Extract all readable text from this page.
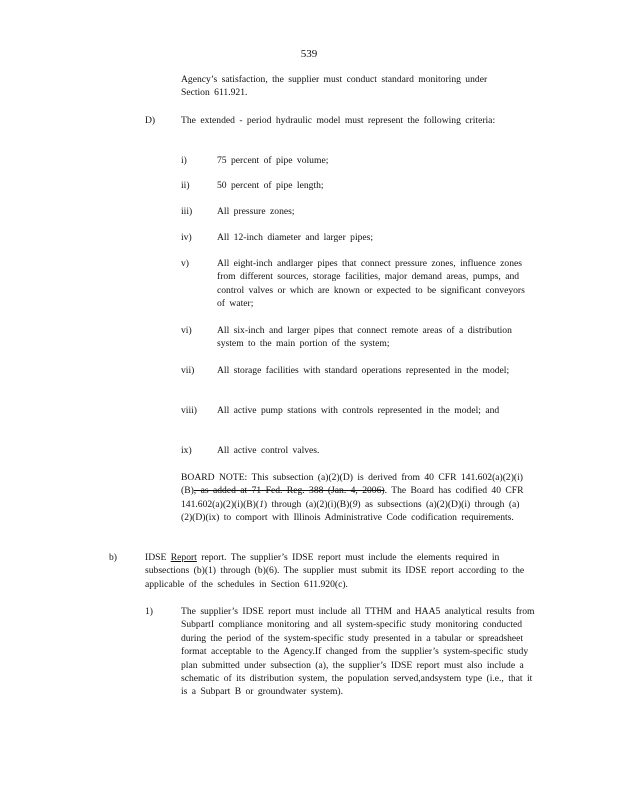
539

Agency’s satisfaction, the supplier must conduct standard monitoring under Section 611.921.

D)	The extended - period hydraulic model must represent the following criteria:

i)	75 percent of pipe volume;

ii)	50 percent of pipe length;

iii)	All pressure zones;

iv)	All 12-inch diameter and larger pipes;

v)	All eight-inch andlarger pipes that connect pressure zones, influence zones from different sources, storage facilities, major demand areas, pumps, and control valves or which are known or expected to be significant conveyors of water;

vi)	All six-inch and larger pipes that connect remote areas of a distribution system to the main portion of the system;

vii) All storage facilities with standard operations represented in the model;

viii) All active pump stations with controls represented in the model; and

ix)	All active control valves.

BOARD NOTE: This subsection (a)(2)(D) is derived from 40 CFR 141.602(a)(2)(i)(B), as added at 71 Fed. Reg. 388 (Jan. 4, 2006). The Board has codified 40 CFR 141.602(a)(2)(i)(B)(1) through (a)(2)(i)(B)(9) as subsections (a)(2)(D)(i) through (a)(2)(D)(ix) to comport with Illinois Administrative Code codification requirements.

b)	IDSE Report report. The supplier’s IDSE report must include the elements required in subsections (b)(1) through (b)(6). The supplier must submit its IDSE report according to the applicable of the schedules in Section 611.920(c).

1)	The supplier’s IDSE report must include all TTHM and HAA5 analytical results from SubpartI compliance monitoring and all system-specific study monitoring conducted during the period of the system-specific study presented in a tabular or spreadsheet format acceptable to the Agency.If changed from the supplier’s system-specific study plan submitted under subsection (a), the supplier’s IDSE report must also include a schematic of its distribution system, the population served,andsystem type (i.e., that it is a Subpart B or groundwater system).
